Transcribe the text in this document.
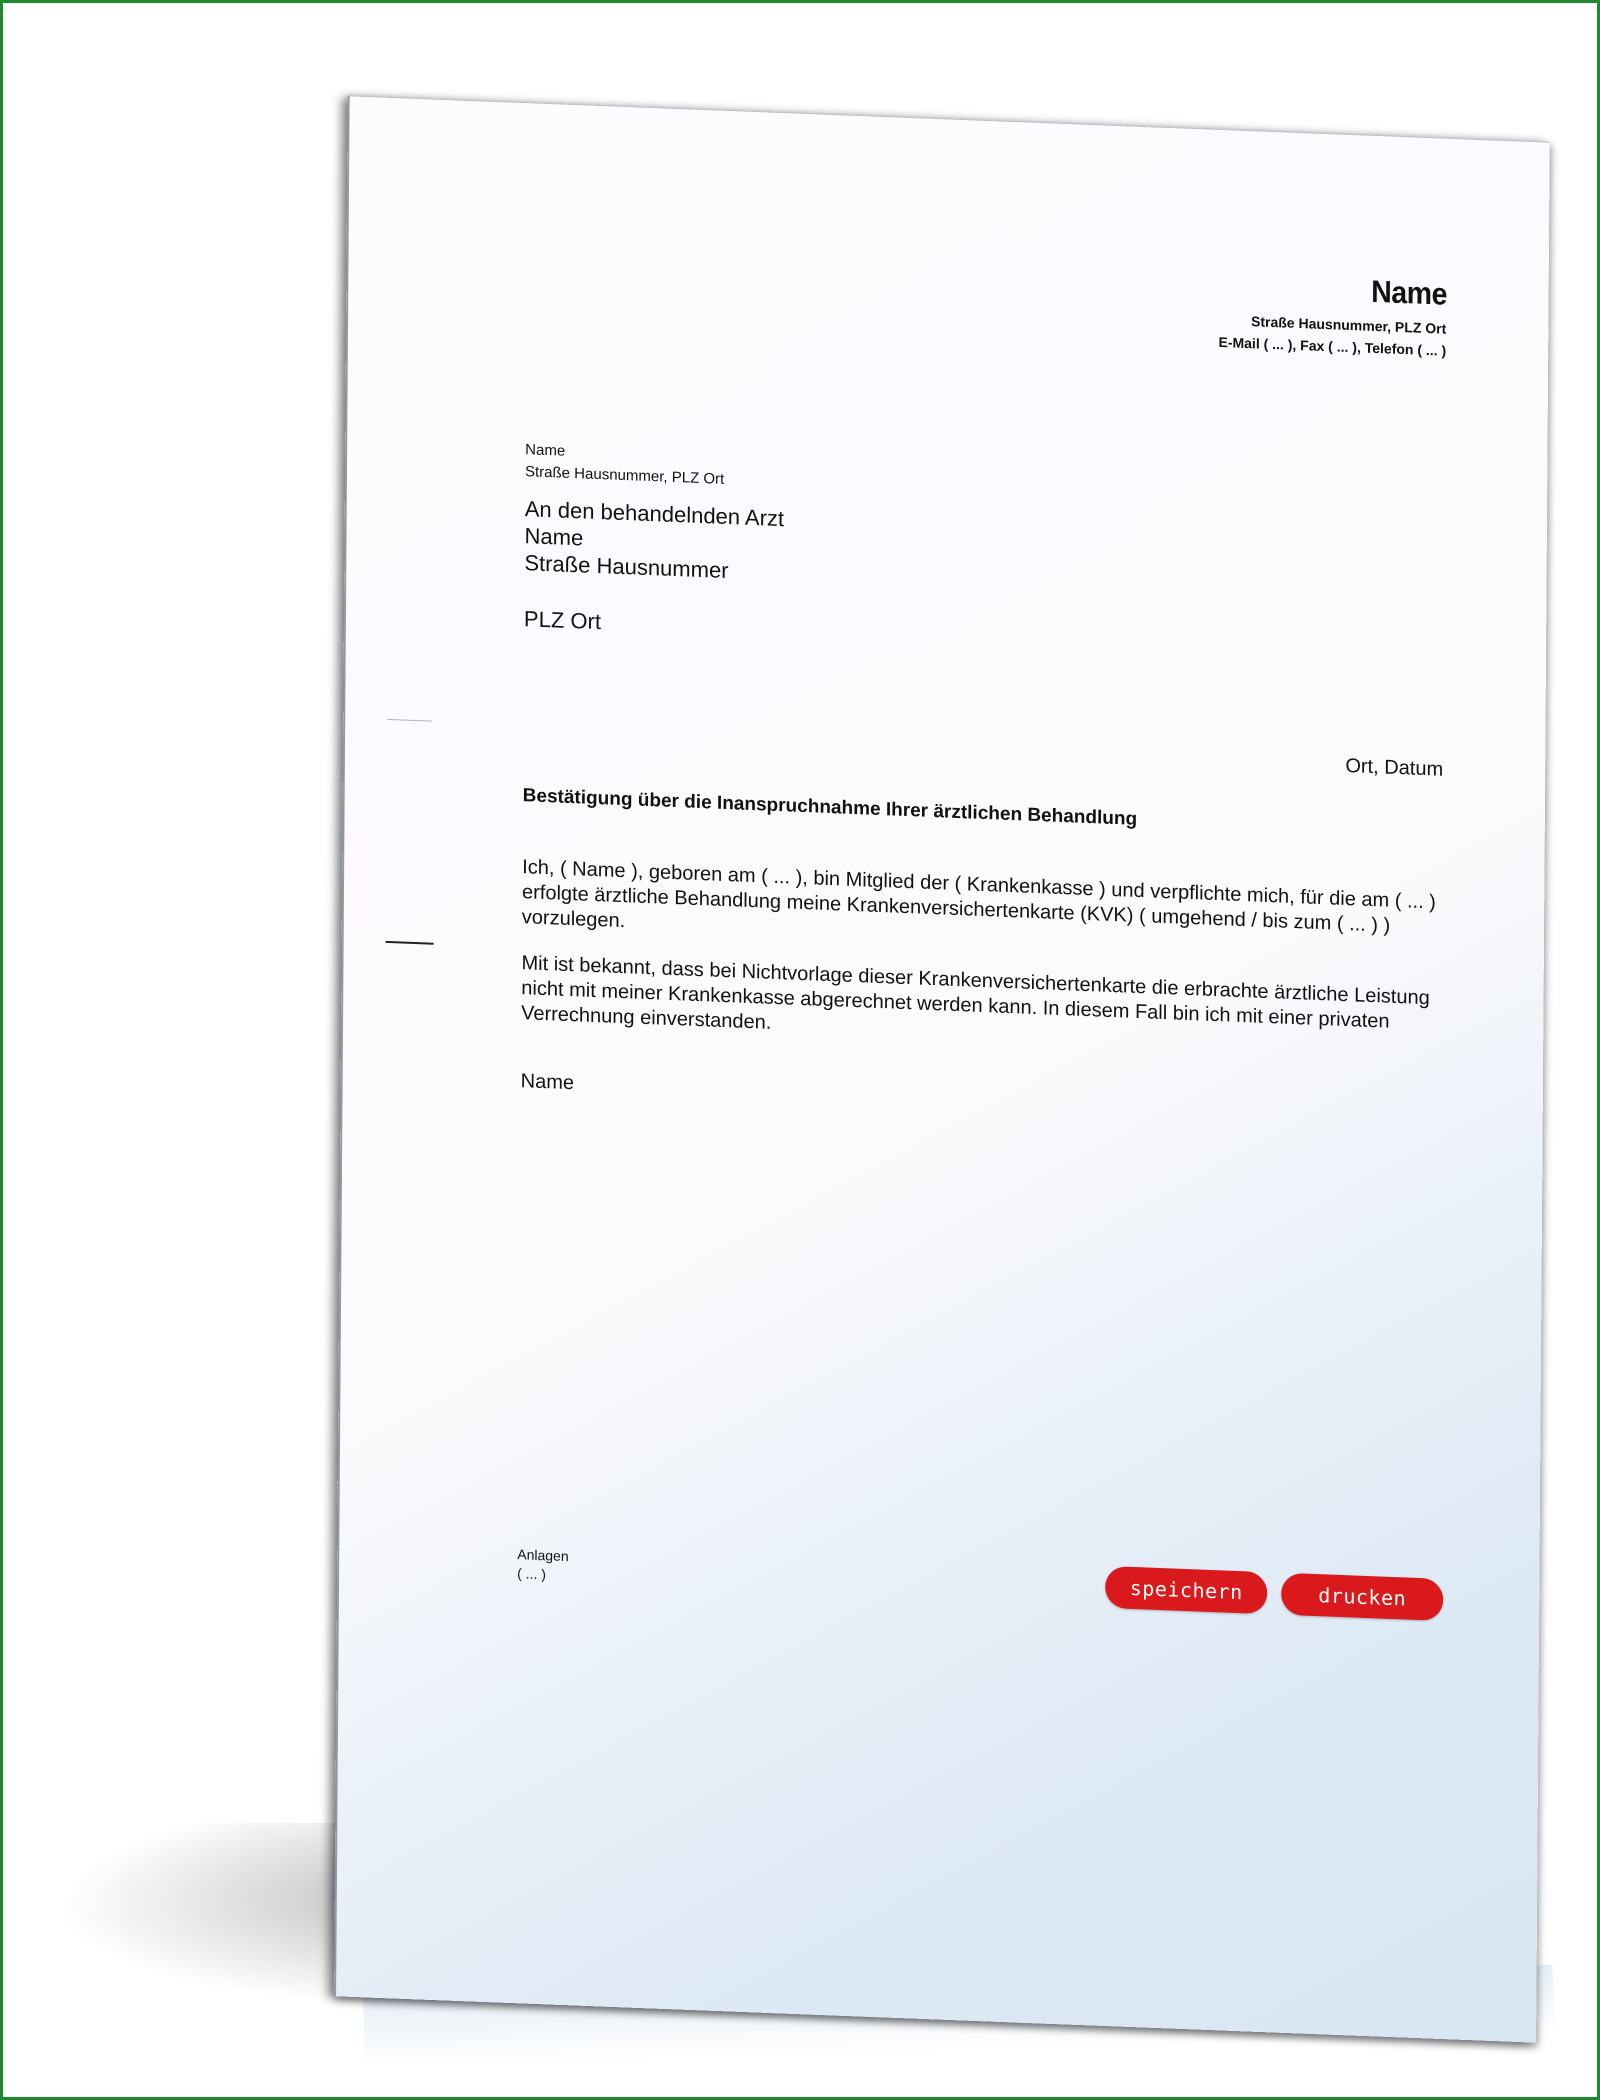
Name

Straße Hausnummer, PLZ Ort

E-Mail ( ... ), Fax ( ... ), Telefon ( ... )

Name

Straße Hausnummer, PLZ Ort

An den behandelnden Arzt

Name

Straße Hausnummer

PLZ Ort

Ort, Datum

Bestätigung über die Inanspruchnahme Ihrer ärztlichen Behandlung

Ich, ( Name ), geboren am ( ... ), bin Mitglied der ( Krankenkasse ) und verpflichte mich, für die am ( ... ) erfolgte ärztliche Behandlung meine Krankenversichertenkarte (KVK) ( umgehend / bis zum ( ... ) ) vorzulegen.

Mit ist bekannt, dass bei Nichtvorlage dieser Krankenversichertenkarte die erbrachte ärztliche Leistung nicht mit meiner Krankenkasse abgerechnet werden kann. In diesem Fall bin ich mit einer privaten Verrechnung einverstanden.

Name

Anlagen
( ... )
speichern	drucken
